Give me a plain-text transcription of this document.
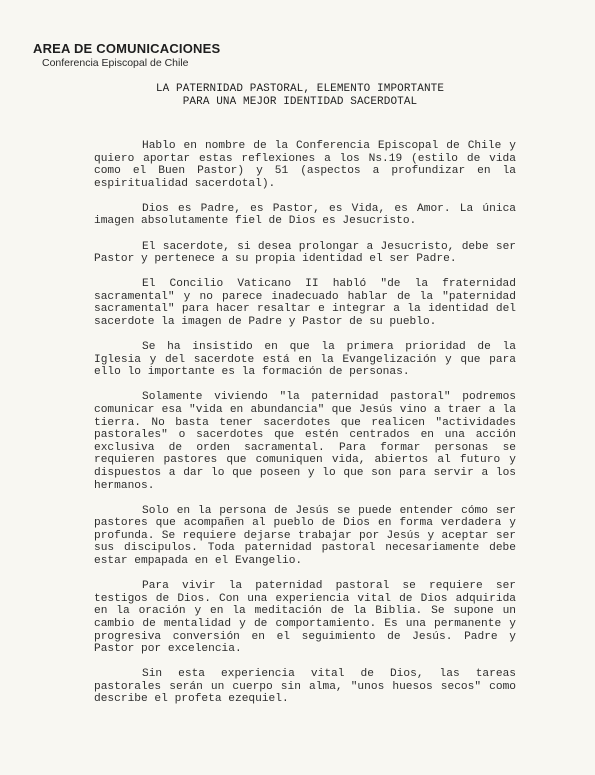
AREA DE COMUNICACIONES
Conferencia Episcopal de Chile
LA PATERNIDAD PASTORAL, ELEMENTO IMPORTANTE
PARA UNA MEJOR IDENTIDAD SACERDOTAL

Hablo en nombre de la Conferencia Episcopal de Chile y quiero aportar estas reflexiones a los Ns.19 (estilo de vida como el Buen Pastor) y 51 (aspectos a profundizar en la espiritualidad sacerdotal).

Dios es Padre, es Pastor, es Vida, es Amor. La única imagen absolutamente fiel de Dios es Jesucristo.

El sacerdote, si desea prolongar a Jesucristo, debe ser Pastor y pertenece a su propia identidad el ser Padre.

El Concilio Vaticano II habló "de la fraternidad sacramental" y no parece inadecuado hablar de la "paternidad sacramental" para hacer resaltar e integrar a la identidad del sacerdote la imagen de Padre y Pastor de su pueblo.

Se ha insistido en que la primera prioridad de la Iglesia y del sacerdote está en la Evangelización y que para ello lo importante es la formación de personas.

Solamente viviendo "la paternidad pastoral" podremos comunicar esa "vida en abundancia" que Jesús vino a traer a la tierra. No basta tener sacerdotes que realicen "actividades pastorales" o sacerdotes que estén centrados en una acción exclusiva de orden sacramental. Para formar personas se requieren pastores que comuniquen vida, abiertos al futuro y dispuestos a dar lo que poseen y lo que son para servir a los hermanos.

Solo en la persona de Jesús se puede entender cómo ser pastores que acompañen al pueblo de Dios en forma verdadera y profunda. Se requiere dejarse trabajar por Jesús y aceptar ser sus discipulos. Toda paternidad pastoral necesariamente debe estar empapada en el Evangelio.

Para vivir la paternidad pastoral se requiere ser testigos de Dios. Con una experiencia vital de Dios adquirida en la oración y en la meditación de la Biblia. Se supone un cambio de mentalidad y de comportamiento. Es una permanente y progresiva conversión en el seguimiento de Jesús. Padre y Pastor por excelencia.

Sin esta experiencia vital de Dios, las tareas pastorales serán un cuerpo sin alma, "unos huesos secos" como describe el profeta ezequiel.
